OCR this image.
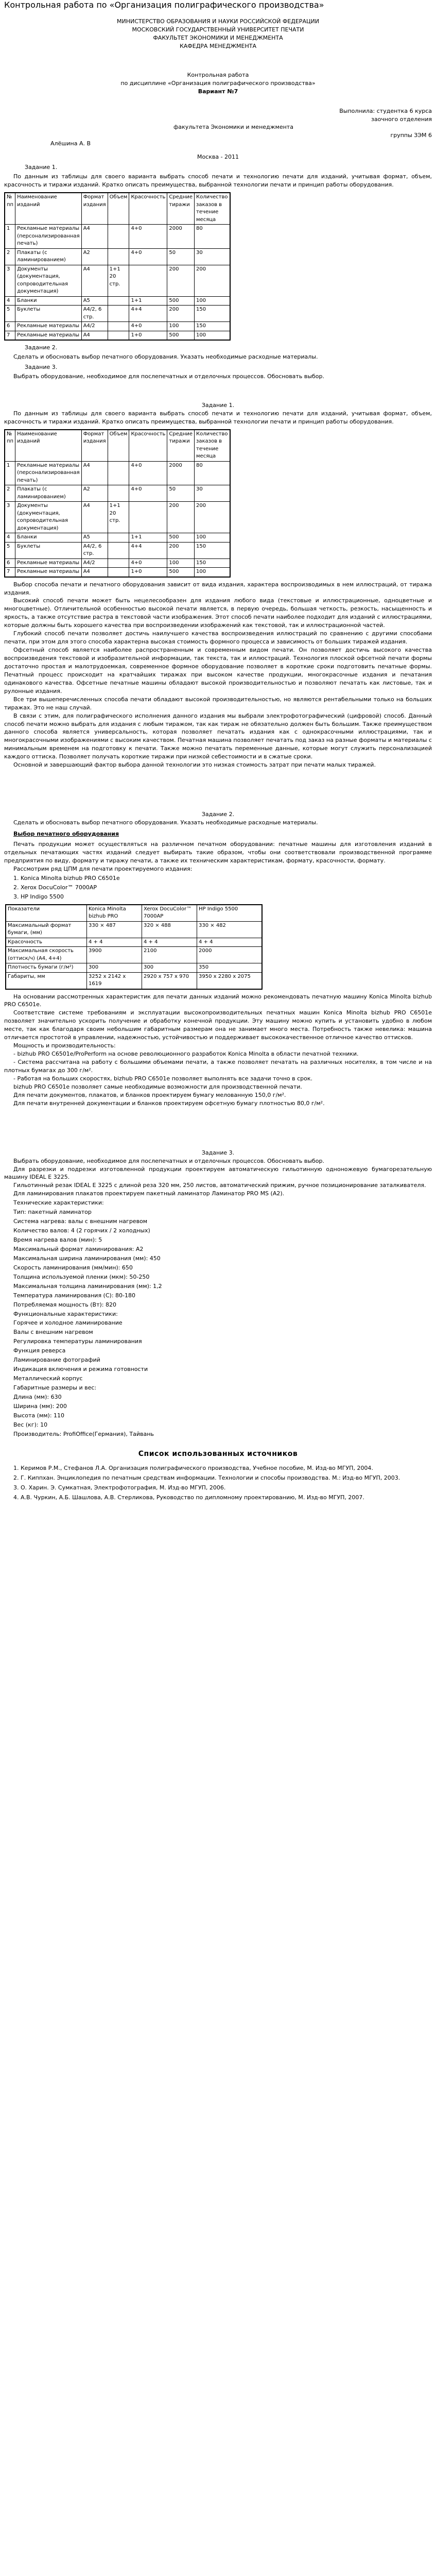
Контрольная работа по «Организация полиграфического производства»
МИНИСТЕРСТВО ОБРАЗОВАНИЯ И НАУКИ РОССИЙСКОЙ ФЕДЕРАЦИИ
МОСКОВСКИЙ ГОСУДАРСТВЕННЫЙ УНИВЕРСИТЕТ ПЕЧАТИ
ФАКУЛЬТЕТ ЭКОНОМИКИ И МЕНЕДЖМЕНТА
КАФЕДРА МЕНЕДЖМЕНТА
Контрольная работа
по дисциплине «Организация полиграфического производства»
Вариант №7
Выполнила: студентка 6 курса
заочного отделения
факультета Экономики и менеджмента
группы ЗЭМ 6
Алёшина А. В
Москва - 2011
Задание 1.
По данным из таблицы для своего варианта выбрать способ печати и технологию печати для изданий, учитывая формат, объем, красочность и тиражи изданий. Кратко описать преимущества, выбранной технологии печати и принцип работы оборудования.
№ пп	Наименование изданий	Формат издания	Объем	Красочность	Средние тиражи	Количество заказов в течение месяца
1	Рекламные материалы (персонализированная печать)	А4		4+0	2000	80
2	Плакаты (с ламинированием)	А2		4+0	50	30
3	Документы (документация, сопроводительная документация)	А4	1+1 20 стр.		200	200
4	Бланки	А5		1+1	500	100
5	Буклеты	А4/2, 6 стр.		4+4	200	150
6	Рекламные материалы	А4/2		4+0	100	150
7	Рекламные материалы	А4		1+0	500	100
Задание 2.
Сделать и обосновать выбор печатного оборудования. Указать необходимые расходные материалы.
Задание 3.
Выбрать оборудование, необходимое для послепечатных и отделочных процессов. Обосновать выбор.
Задание 1.
По данным из таблицы для своего варианта выбрать способ печати и технологию печати для изданий, учитывая формат, объем, красочность и тиражи изданий. Кратко описать преимущества, выбранной технологии печати и принцип работы оборудования.
№ пп	Наименование изданий	Формат издания	Объем	Красочность	Средние тиражи	Количество заказов в течение месяца
1	Рекламные материалы (персонализированная печать)	А4		4+0	2000	80
2	Плакаты (с ламинированием)	А2		4+0	50	30
3	Документы (документация, сопроводительная документация)	А4	1+1 20 стр.		200	200
4	Бланки	А5		1+1	500	100
5	Буклеты	А4/2, 6 стр.		4+4	200	150
6	Рекламные материалы	А4/2		4+0	100	150
7	Рекламные материалы	А4		1+0	500	100
Выбор способа печати и печатного оборудования зависит от вида издания, характера воспроизводимых в нем иллюстраций, от тиража издания.
Высокий способ печати может быть нецелесообразен для издания любого вида (текстовые и иллюстрационные, одноцветные и многоцветные). Отличительной особенностью высокой печати является, в первую очередь, большая четкость, резкость, насыщенность и яркость, а также отсутствие растра в текстовой части изображения. Этот способ печати наиболее подходит для изданий с иллюстрациями, которые должны быть хорошего качества при воспроизведении изображений как текстовой, так и иллюстрационной частей.
Глубокий способ печати позволяет достичь наилучшего качества воспроизведения иллюстраций по сравнению с другими способами печати, при этом для этого способа характерна высокая стоимость формного процесса и зависимость от больших тиражей издания.
Офсетный способ является наиболее распространенным и современным видом печати. Он позволяет достичь высокого качества воспроизведения текстовой и изобразительной информации, так текста, так и иллюстраций. Технология плоской офсетной печати формы достаточно простая и малотрудоемкая, современное формное оборудование позволяет в короткие сроки подготовить печатные формы. Печатный процесс происходит на кратчайших тиражах при высоком качестве продукции, многокрасочные издания и печатания одинакового качества. Офсетные печатные машины обладают высокой производительностью и позволяют печатать как листовые, так и рулонные издания.
Все три вышеперечисленных способа печати обладают высокой производительностью, но являются рентабельными только на больших тиражах. Это не наш случай.
В связи с этим, для полиграфического исполнения данного издания мы выбрали электрофотографический (цифровой) способ. Данный способ печати можно выбрать для издания с любым тиражом, так как тираж не обязательно должен быть большим. Также преимуществом данного способа является универсальность, которая позволяет печатать издания как с однокрасочными иллюстрациями, так и многокрасочными изображениями с высоким качеством. Печатная машина позволяет печатать под заказ на разные форматы и материалы с минимальным временем на подготовку к печати. Также можно печатать переменные данные, которые могут служить персонализацией каждого оттиска. Позволяет получать короткие тиражи при низкой себестоимости и в сжатые сроки.
Основной и завершающий фактор выбора данной технологии это низкая стоимость затрат при печати малых тиражей.
Задание 2.
Сделать и обосновать выбор печатного оборудования. Указать необходимые расходные материалы.
Выбор печатного оборудования
Печать продукции может осуществляться на различном печатном оборудовании: печатные машины для изготовления изданий в отдельных печатающих частях изданий следует выбирать такие образом, чтобы они соответствовали производственной программе предприятия по виду, формату и тиражу печати, а также их техническим характеристикам, формату, красочности, формату.
Рассмотрим ряд ЦПМ для печати проектируемого издания:
1. Konica Minolta bizhub PRO C6501e
2. Xerox DocuColor™ 7000AP
3. HP Indigo 5500
Показатели	Konica Minolta bizhub PRO	Xerox DocuColor™ 7000AP	HP Indigo 5500
Максимальный формат бумаги, (мм)	330 × 487	320 × 488	330 × 482
Красочность	4 + 4	4 + 4	4 + 4
Максимальная скорость (оттиск/ч) (A4, 4+4)	3900	2100	2000
Плотность бумаги (г/м²)	300	300	350
Габариты, мм	3252 x 2142 x 1619	2920 x 757 x 970	3950 x 2280 x 2075
На основании рассмотренных характеристик для печати данных изданий можно рекомендовать печатную машину Konica Minolta bizhub PRO C6501e.
Соответствие системе требованиям и эксплуатации высокопроизводительных печатных машин Konica Minolta bizhub PRO C6501e позволяет значительно ускорить получение и обработку конечной продукции. Эту машину можно купить и установить удобно в любом месте, так как благодаря своим небольшим габаритным размерам она не занимает много места. Потребность также невелика: машина отличается простотой в управлении, надежностью, устойчивостью и поддерживает высококачественное отличное качество оттисков.
Мощность и производительность:
- bizhub PRO C6501e/ProPerform на основе революционного разработок Konica Minolta в области печатной техники.
- Система рассчитана на работу с большими объемами печати, а также позволяет печатать на различных носителях, в том числе и на плотных бумагах до 300 г/м².
- Работая на больших скоростях, bizhub PRO C6501e позволяет выполнять все задачи точно в срок.
bizhub PRO C6501e позволяет самые необходимые возможности для производственной печати.
Для печати документов, плакатов, и бланков проектируем бумагу мелованную 150,0 г/м².
Для печати внутренней документации и бланков проектируем офсетную бумагу плотностью 80,0 г/м².
Задание 3.
Выбрать оборудование, необходимое для послепечатных и отделочных процессов. Обосновать выбор.
Для разрезки и подрезки изготовленной продукции проектируем автоматическую гильотинную одноножевую бумагорезательную машину IDEAL Е 3225.
Гильотинный резак IDEAL Е 3225 с длиной реза 320 мм, 250 листов, автоматический прижим, ручное позиционирование заталкивателя.
Для ламинирования плакатов проектируем пакетный ламинатор Ламинатор PRO MS (A2).
Технические характеристики:
Тип: пакетный ламинатор
Система нагрева: валы с внешним нагревом
Количество валов: 4 (2 горячих / 2 холодных)
Время нагрева валов (мин): 5
Максимальный формат ламинирования: А2
Максимальная ширина ламинирования (мм): 450
Скорость ламинирования (мм/мин): 650
Толщина используемой пленки (мкм): 50-250
Максимальная толщина ламинирования (мм): 1,2
Температура ламинирования (C): 80-180
Потребляемая мощность (Вт): 820
Функциональные характеристики:
Горячее и холодное ламинирование
Валы с внешним нагревом
Регулировка температуры ламинирования
Функция реверса
Ламинирование фотографий
Индикация включения и режима готовности
Металлический корпус
Габаритные размеры и вес:
Длина (мм): 630
Ширина (мм): 200
Высота (мм): 110
Вес (кг): 10
Производитель: ProfiOffice(Гермaния), Тайвань
Список использованных источников
1. Керимов Р.М., Стефанов Л.А. Организация полиграфического производства, Учебное пособие, М. Изд-во МГУП, 2004.
2. Г. Киппхан. Энциклопедия по печатным средствам информации. Технологии и способы производства. М.: Изд-во МГУП, 2003.
3. О. Харин. Э. Сумкатная, Электрофотография, М. Изд-во МГУП, 2006.
4. А.В. Чуркин, А.Б. Шашлова, А.В. Стерликова, Руководство по дипломному проектированию, М. Изд-во МГУП, 2007.
